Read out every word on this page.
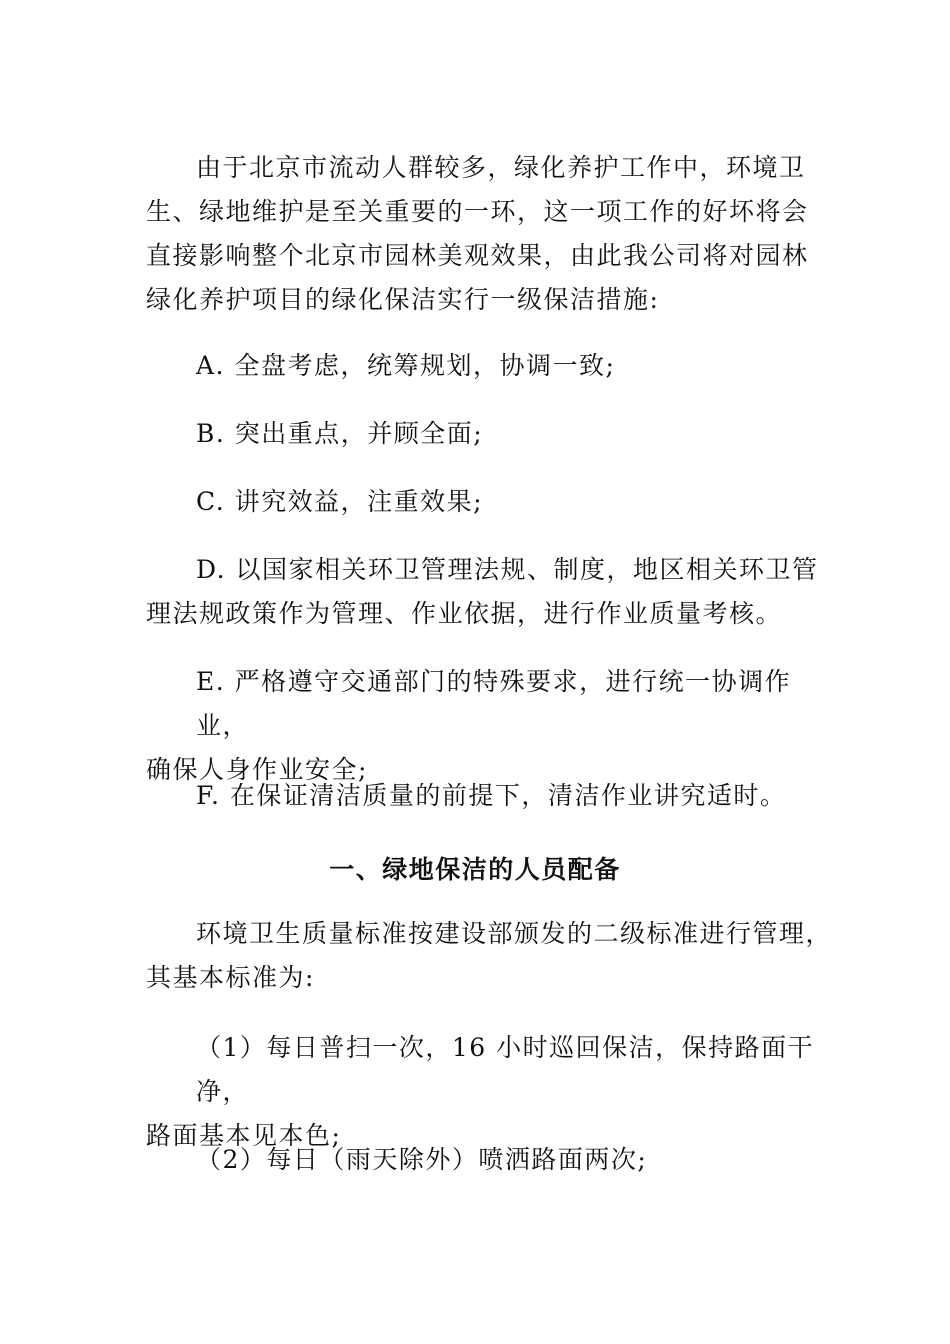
由于北京市流动人群较多，绿化养护工作中，环境卫
生、绿地维护是至关重要的一环，这一项工作的好坏将会
直接影响整个北京市园林美观效果，由此我公司将对园林
绿化养护项目的绿化保洁实行一级保洁措施:

A. 全盘考虑，统筹规划，协调一致;

B. 突出重点，并顾全面;

C. 讲究效益，注重效果;

D. 以国家相关环卫管理法规、制度，地区相关环卫管
理法规政策作为管理、作业依据，进行作业质量考核。

E. 严格遵守交通部门的特殊要求，进行统一协调作业，
确保人身作业安全;

F. 在保证清洁质量的前提下，清洁作业讲究适时。

一、绿地保洁的人员配备

环境卫生质量标准按建设部颁发的二级标准进行管理，
其基本标准为:

（1）每日普扫一次，16 小时巡回保洁，保持路面干净，
路面基本见本色;

（2）每日（雨天除外）喷洒路面两次;
